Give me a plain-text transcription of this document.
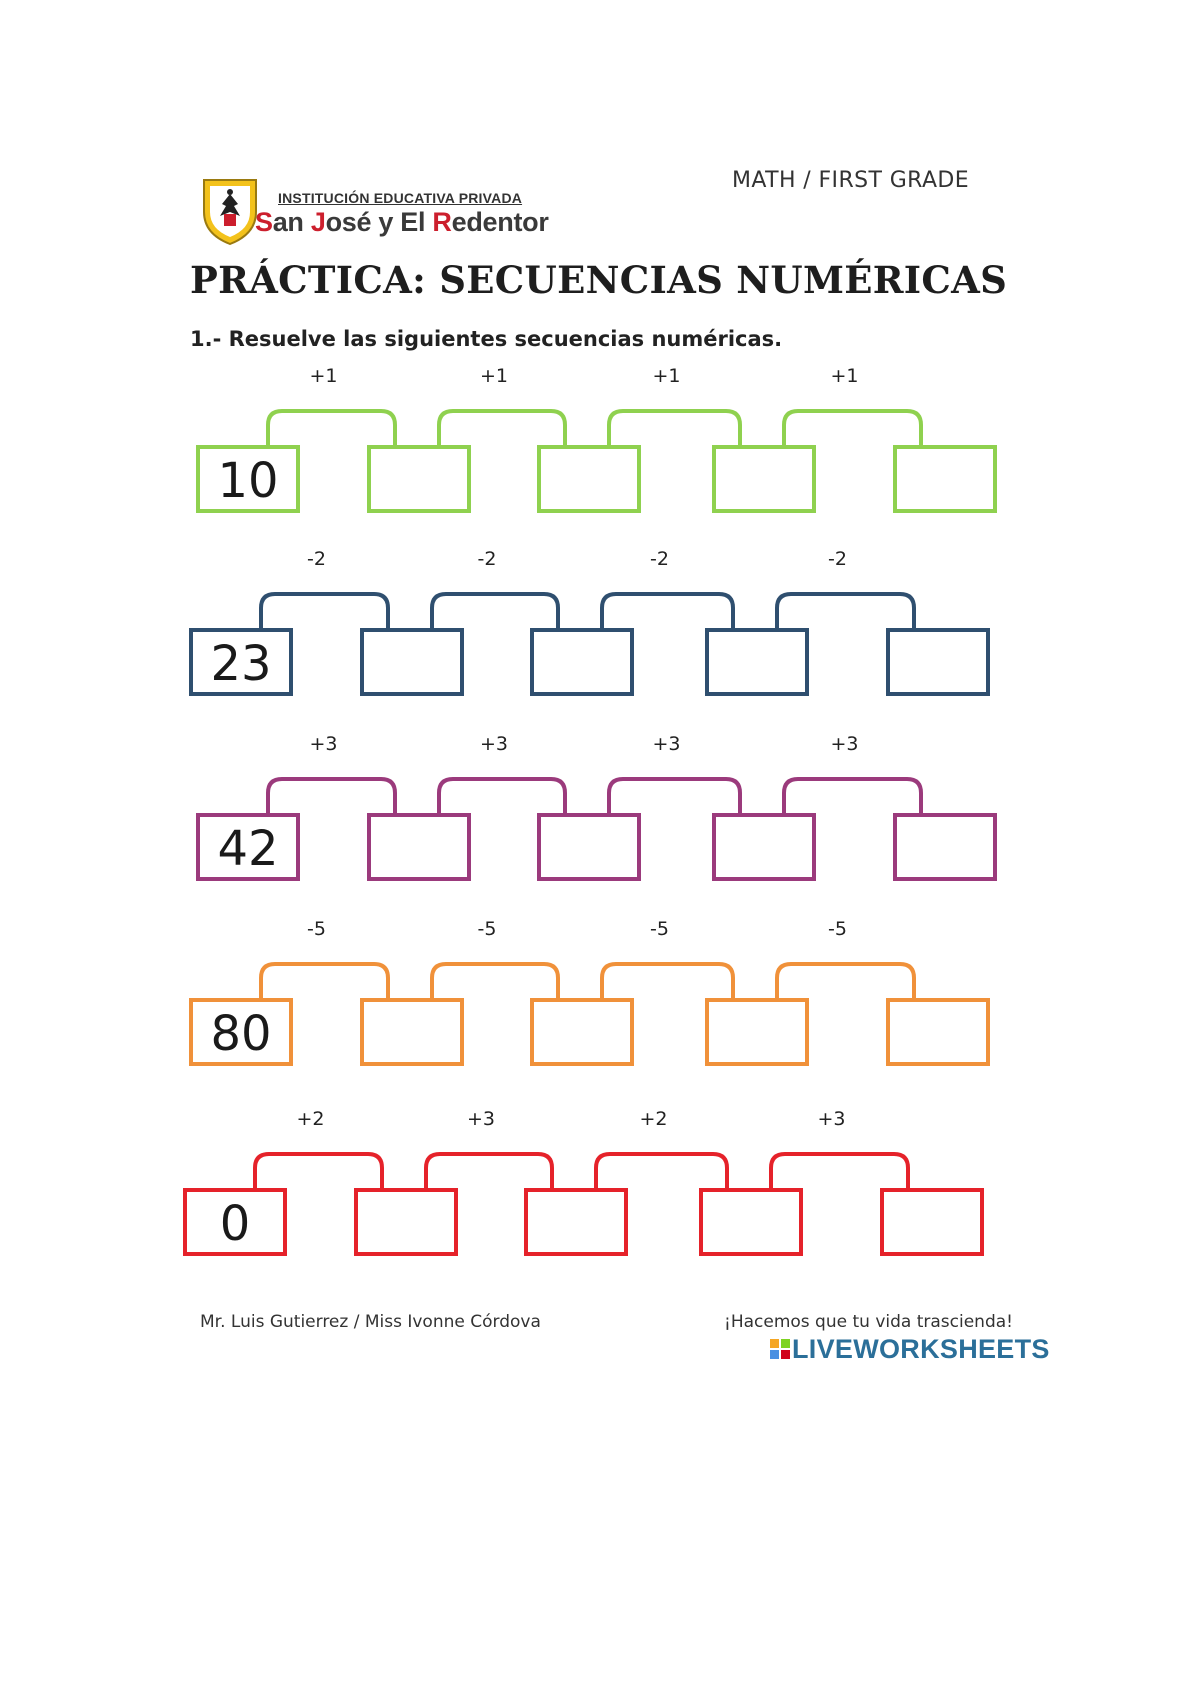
INSTITUCIÓN EDUCATIVA PRIVADA
San José y El Redentor
MATH / FIRST GRADE
PRÁCTICA: SECUENCIAS NUMÉRICAS
1.- Resuelve las siguientes secuencias numéricas.
10
+1	+1	+1	+1
23
-2	-2	-2	-2
42
+3	+3	+3	+3
80
-5	-5	-5	-5
0
+2	+3	+2	+3
Mr. Luis Gutierrez / Miss Ivonne Córdova	¡Hacemos que tu vida trascienda!
LIVEWORKSHEETS
